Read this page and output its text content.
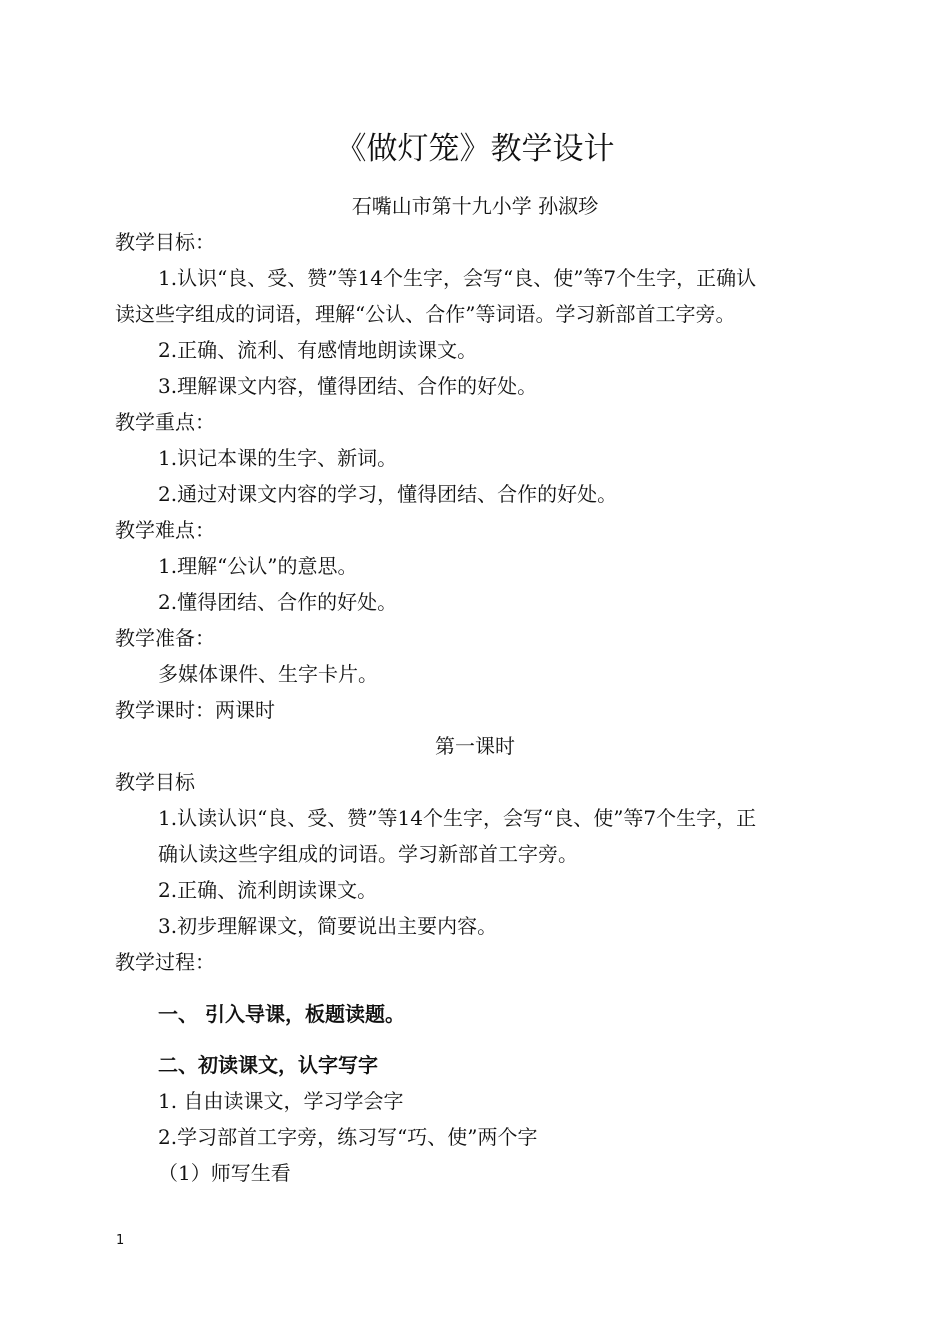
《做灯笼》教学设计
石嘴山市第十九小学 孙淑珍
教学目标：
1.认识“良、受、赞”等14个生字，会写“良、使”等7个生字，正确认
读这些字组成的词语，理解“公认、合作”等词语。学习新部首工字旁。
2.正确、流利、有感情地朗读课文。
3.理解课文内容，懂得团结、合作的好处。
教学重点：
1.识记本课的生字、新词。
2.通过对课文内容的学习，懂得团结、合作的好处。
教学难点：
1.理解“公认”的意思。
2.懂得团结、合作的好处。
教学准备：
多媒体课件、生字卡片。
教学课时：两课时
第一课时
教学目标
1.认读认识“良、受、赞”等14个生字，会写“良、使”等7个生字，正
确认读这些字组成的词语。学习新部首工字旁。
2.正确、流利朗读课文。
3.初步理解课文，简要说出主要内容。
教学过程：
一、 引入导课，板题读题。
二、初读课文，认字写字
1. 自由读课文，学习学会字
2.学习部首工字旁，练习写“巧、使”两个字
（1）师写生看
1
